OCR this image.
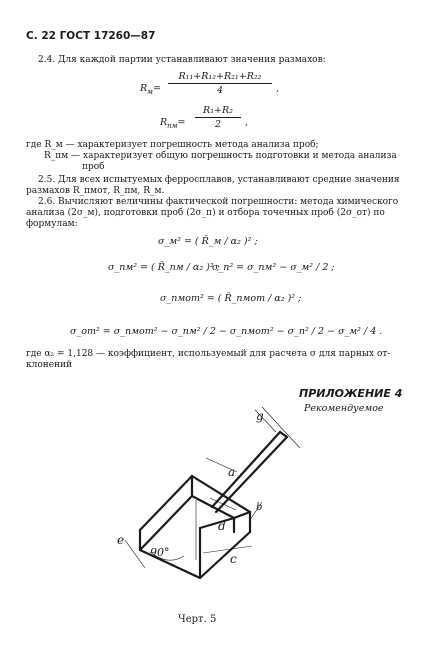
С. 22 ГОСТ 17260—87
2.4. Для каждой партии устанавливают значения размахов:
$R_м= \frac{\text{R₁₁+R₁₂+R₂₁+R₂₂}}{4}$ ,
$R_{пм}= \frac{\text{R₁+R₂}}{2}$ ,
где R_м — характеризует погрешность метода анализа проб;
R_пм — характеризует общую погрешность подготовки и метода анализа
проб
2.5. Для всех испытуемых ферросплавов, устанавливают средние значения
размахов R_пмот, R_пм, R_м.
2.6. Вычисляют величины фактической погрешности: метода химического
анализа (2σ_м), подготовки проб (2σ_п) и отбора точечных проб (2σ_от) по
формулам:
σ_м² = ( R̄_м / α₂ )² ;
σ_пм² = ( R̄_пм / α₂ )² ;
σ_п² = σ_пм² − σ_м² / 2 ;
σ_пмот² = ( R̄_пмот / α₂ )² ;
σ_от² = σ_пмот² − σ_пм² / 2 − σ_пмот² − σ_п² / 2 − σ_м² / 4 .
где α₂ = 1,128 — коэффициент, используемый для расчета σ для парных от-
клонений
ПРИЛОЖЕНИЕ 4
Рекомендуемое
g
a
b
d
c
e
90°
Черт. 5
